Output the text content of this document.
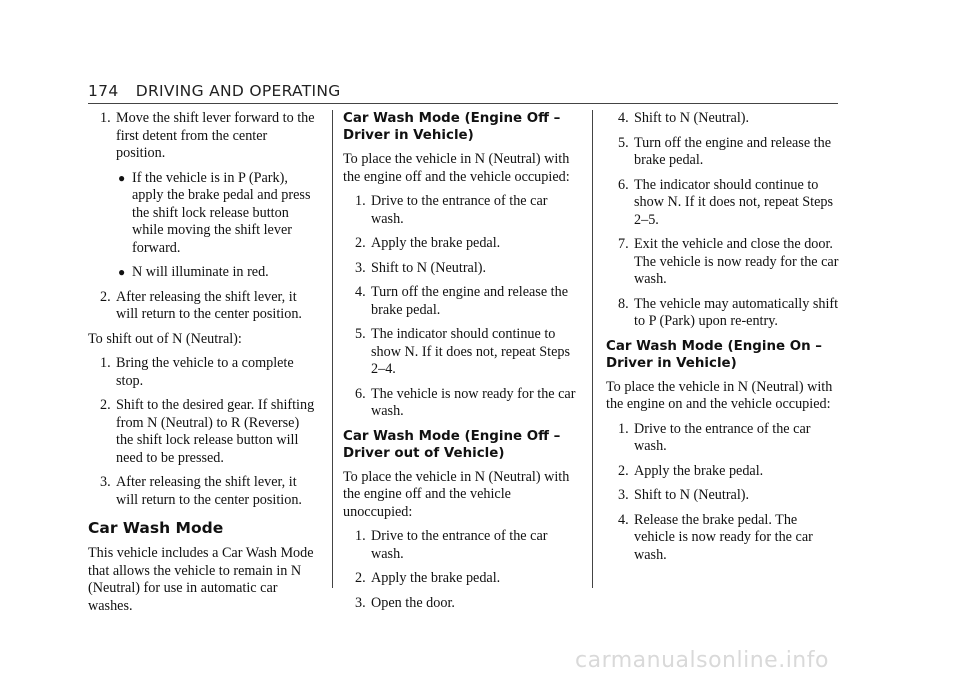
174 DRIVING AND OPERATING
1. Move the shift lever forward to the first detent from the center position.
● If the vehicle is in P (Park), apply the brake pedal and press the shift lock release button while moving the shift lever forward.
● N will illuminate in red.
2. After releasing the shift lever, it will return to the center position.

To shift out of N (Neutral):

1. Bring the vehicle to a complete stop.
2. Shift to the desired gear. If shifting from N (Neutral) to R (Reverse) the shift lock release button will need to be pressed.
3. After releasing the shift lever, it will return to the center position.
Car Wash Mode

This vehicle includes a Car Wash Mode that allows the vehicle to remain in N (Neutral) for use in automatic car washes.

Car Wash Mode (Engine Off – Driver in Vehicle)

To place the vehicle in N (Neutral) with the engine off and the vehicle occupied:

1. Drive to the entrance of the car wash.
2. Apply the brake pedal.
3. Shift to N (Neutral).
4. Turn off the engine and release the brake pedal.
5. The indicator should continue to show N. If it does not, repeat Steps 2–4.
6. The vehicle is now ready for the car wash.
Car Wash Mode (Engine Off – Driver out of Vehicle)

To place the vehicle in N (Neutral) with the engine off and the vehicle unoccupied:

1. Drive to the entrance of the car wash.
2. Apply the brake pedal.
3. Open the door.
4. Shift to N (Neutral).
5. Turn off the engine and release the brake pedal.
6. The indicator should continue to show N. If it does not, repeat Steps 2–5.
7. Exit the vehicle and close the door. The vehicle is now ready for the car wash.
8. The vehicle may automatically shift to P (Park) upon re-entry.
Car Wash Mode (Engine On – Driver in Vehicle)

To place the vehicle in N (Neutral) with the engine on and the vehicle occupied:

1. Drive to the entrance of the car wash.
2. Apply the brake pedal.
3. Shift to N (Neutral).
4. Release the brake pedal. The vehicle is now ready for the car wash.
carmanualsonline.info
